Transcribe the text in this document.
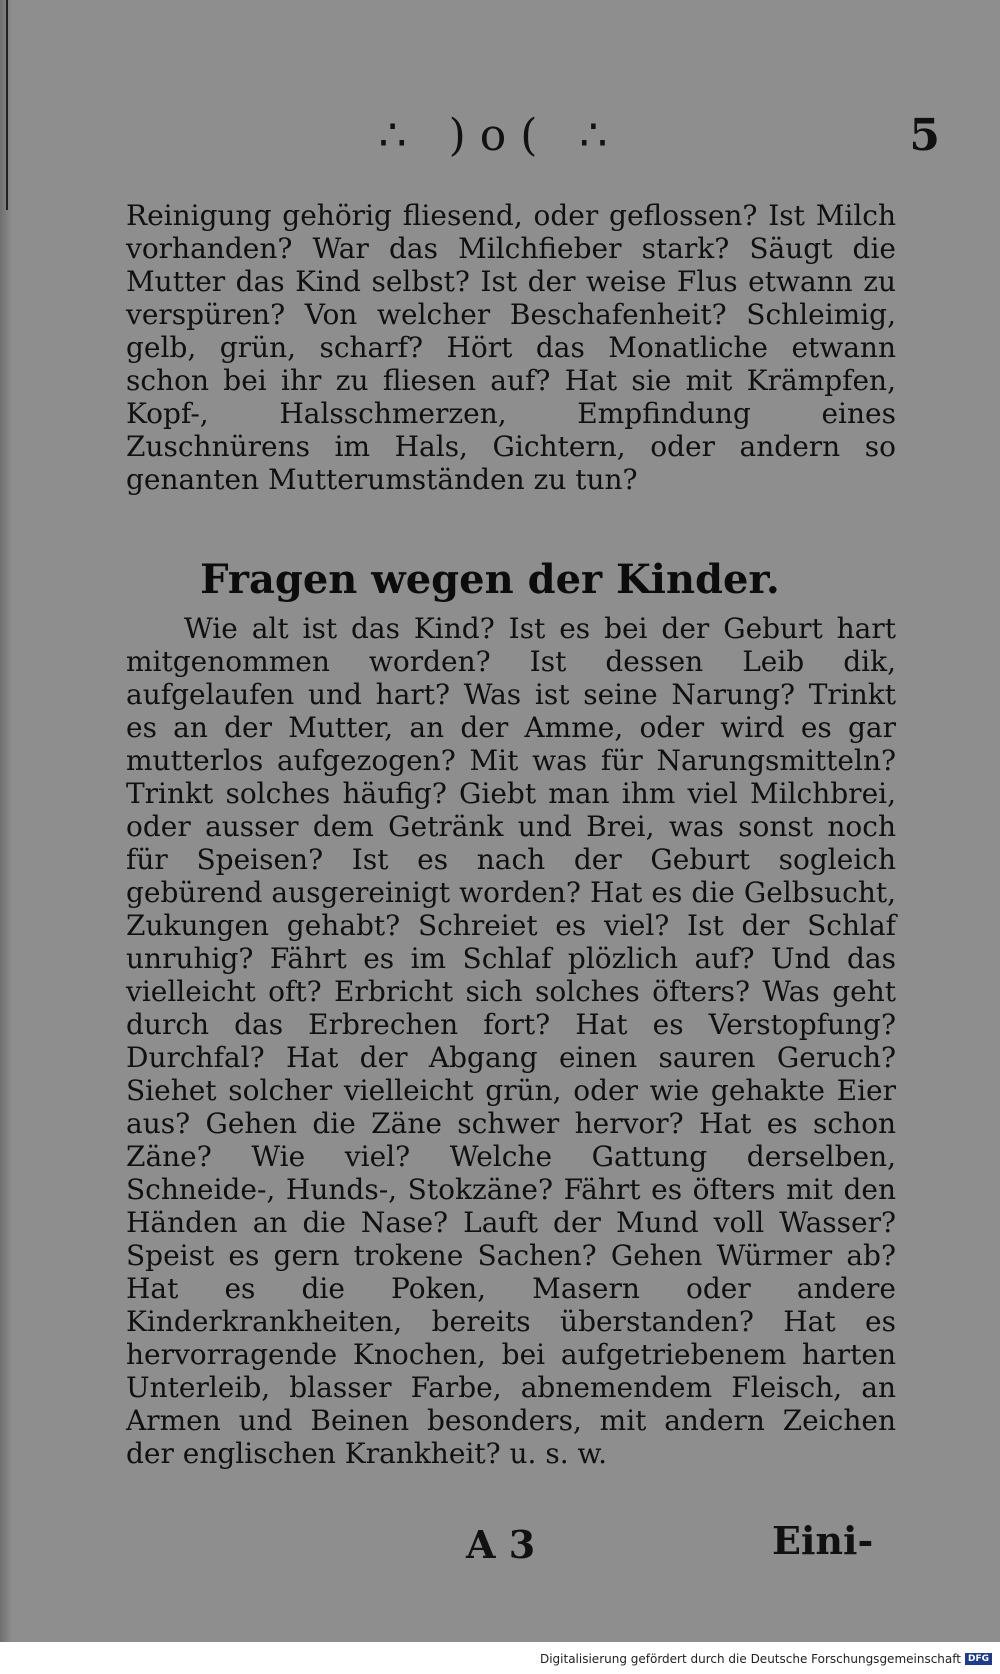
∴ )o( ∴	5
Reinigung gehörig fliesend, oder geflossen? Ist Milch vorhanden? War das Milchfieber stark? Säugt die Mutter das Kind selbst? Ist der weise Flus etwann zu verspüren? Von welcher Beschafenheit? Schleimig, gelb, grün, scharf? Hört das Monatliche etwann schon bei ihr zu fliesen auf? Hat sie mit Krämpfen, Kopf-, Halsschmerzen, Empfindung eines Zuschnürens im Hals, Gichtern, oder andern so genanten Mutterumständen zu tun?
Fragen wegen der Kinder.
Wie alt ist das Kind? Ist es bei der Geburt hart mitgenommen worden? Ist dessen Leib dik, aufgelaufen und hart? Was ist seine Narung? Trinkt es an der Mutter, an der Amme, oder wird es gar mutterlos aufgezogen? Mit was für Narungsmitteln? Trinkt solches häufig? Giebt man ihm viel Milchbrei, oder ausser dem Getränk und Brei, was sonst noch für Speisen? Ist es nach der Geburt sogleich gebürend ausgereinigt worden? Hat es die Gelbsucht, Zukungen gehabt? Schreiet es viel? Ist der Schlaf unruhig? Fährt es im Schlaf plözlich auf? Und das vielleicht oft? Erbricht sich solches öfters? Was geht durch das Erbrechen fort? Hat es Verstopfung? Durchfal? Hat der Abgang einen sauren Geruch? Siehet solcher vielleicht grün, oder wie gehakte Eier aus? Gehen die Zäne schwer hervor? Hat es schon Zäne? Wie viel? Welche Gattung derselben, Schneide-, Hunds-, Stokzäne? Fährt es öfters mit den Händen an die Nase? Lauft der Mund voll Wasser? Speist es gern trokene Sachen? Gehen Würmer ab? Hat es die Poken, Masern oder andere Kinderkrankheiten, bereits überstanden? Hat es hervorragende Knochen, bei aufgetriebenem harten Unterleib, blasser Farbe, abnemendem Fleisch, an Armen und Beinen besonders, mit andern Zeichen der englischen Krankheit? u. s. w.
A 3	Eini-
Digitalisierung gefördert durch die Deutsche Forschungsgemeinschaft DFG
